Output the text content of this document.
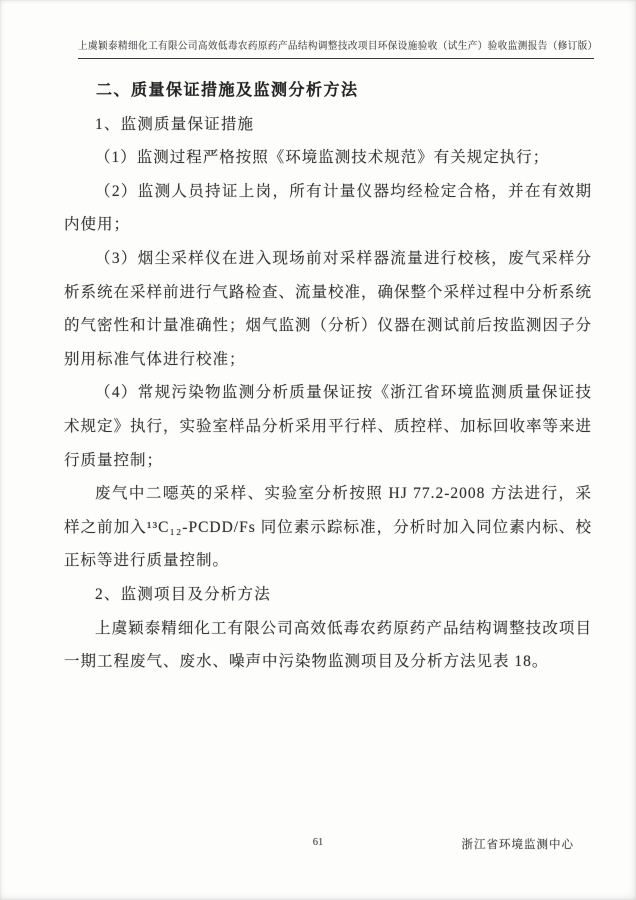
上虞颖泰精细化工有限公司高效低毒农药原药产品结构调整技改项目环保设施验收（试生产）验收监测报告（修订版）

二、质量保证措施及监测分析方法

1、监测质量保证措施

（1）监测过程严格按照《环境监测技术规范》有关规定执行；

（2）监测人员持证上岗，所有计量仪器均经检定合格，并在有效期内使用；

（3）烟尘采样仪在进入现场前对采样器流量进行校核，废气采样分析系统在采样前进行气路检查、流量校准，确保整个采样过程中分析系统的气密性和计量准确性；烟气监测（分析）仪器在测试前后按监测因子分别用标准气体进行校准；

（4）常规污染物监测分析质量保证按《浙江省环境监测质量保证技术规定》执行，实验室样品分析采用平行样、质控样、加标回收率等来进行质量控制；

废气中二噁英的采样、实验室分析按照 HJ 77.2-2008 方法进行，采样之前加入¹³C₁₂-PCDD/Fs 同位素示踪标准，分析时加入同位素内标、校正标等进行质量控制。

2、监测项目及分析方法

上虞颖泰精细化工有限公司高效低毒农药原药产品结构调整技改项目一期工程废气、废水、噪声中污染物监测项目及分析方法见表 18。

61	浙江省环境监测中心
